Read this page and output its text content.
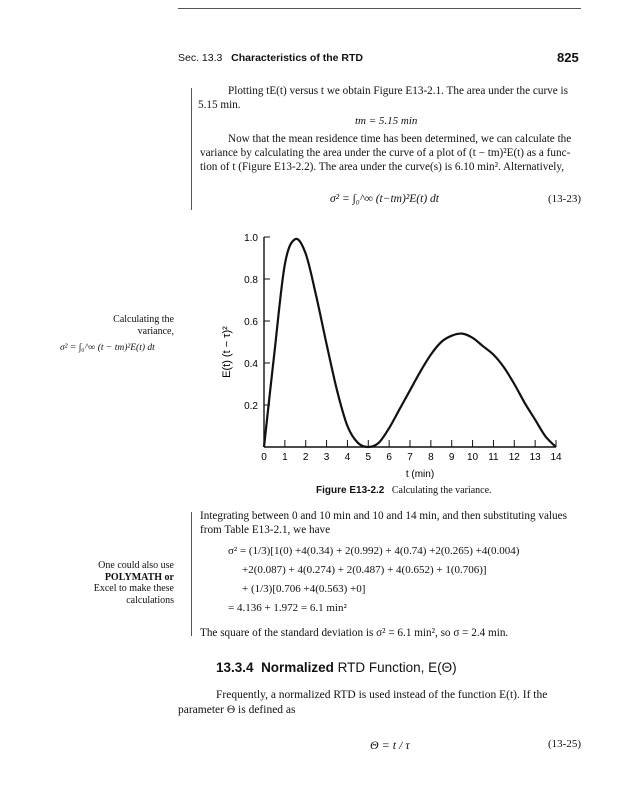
Sec. 13.3 Characteristics of the RTD	825
Plotting tE(t) versus t we obtain Figure E13-2.1. The area under the curve is
5.15 min.
tm = 5.15 min
Now that the mean residence time has been determined, we can calculate the
variance by calculating the area under the curve of a plot of (t − tm)²E(t) as a func-
tion of t (Figure E13-2.2). The area under the curve(s) is 6.10 min². Alternatively,
σ² = ∫₀^∞ (t−tm)²E(t) dt	(13-23)
Calculating the
variance,
σ² = ∫₀^∞ (t − tm)²E(t) dt
1.0
0.8
0.6
0.4
0.2
0 1 2 3 4 5 6 7 8 9 10 11 12 13 14
t (min)
E(t) (t − τ)²
Figure E13-2.2 Calculating the variance.
Integrating between 0 and 10 min and 10 and 14 min, and then substituting values
from Table E13-2.1, we have
One could also use
POLYMATH or
Excel to make these
calculations
σ² = (1/3)[1(0) +4(0.34) + 2(0.992) + 4(0.74) +2(0.265) +4(0.004)
+2(0.087) + 4(0.274) + 2(0.487) + 4(0.652) + 1(0.706)]
+ (1/3)[0.706 +4(0.563) +0]
= 4.136 + 1.972 = 6.1 min²
The square of the standard deviation is σ² = 6.1 min², so σ = 2.4 min.
13.3.4 Normalized RTD Function, E(Θ)
Frequently, a normalized RTD is used instead of the function E(t). If the
parameter Θ is defined as
Θ = t / τ	(13-25)
